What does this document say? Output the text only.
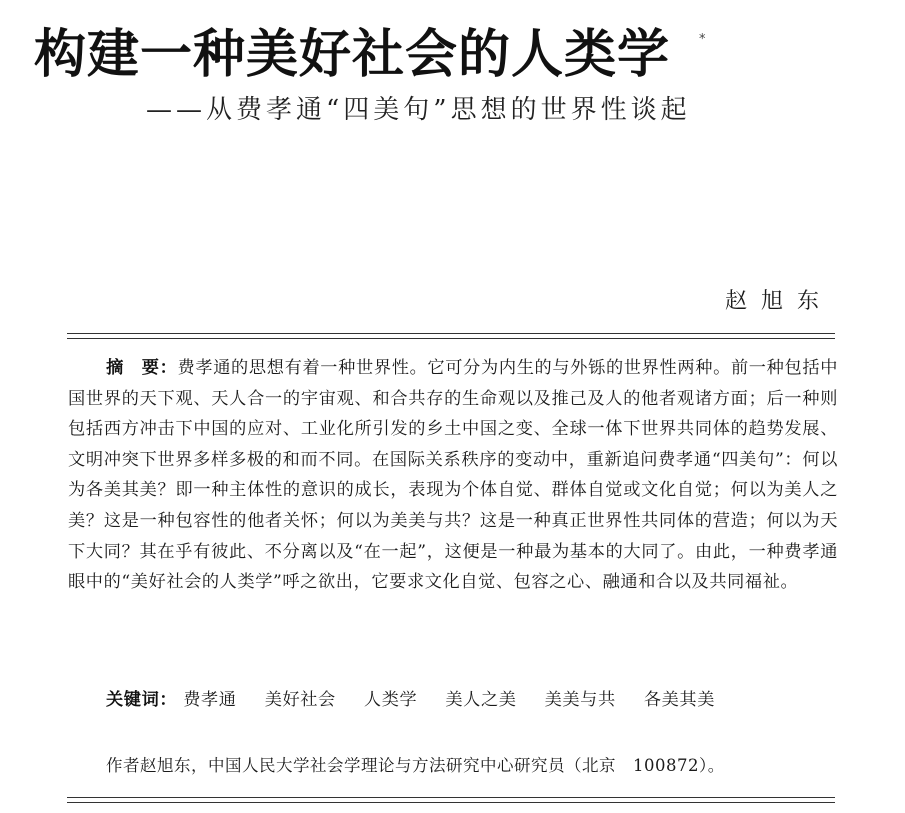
构建一种美好社会的人类学 *
——从费孝通“四美句”思想的世界性谈起
赵旭东
摘　要：费孝通的思想有着一种世界性。它可分为内生的与外铄的世界性两种。前一种包括中国世界的天下观、天人合一的宇宙观、和合共存的生命观以及推己及人的他者观诸方面；后一种则包括西方冲击下中国的应对、工业化所引发的乡土中国之变、全球一体下世界共同体的趋势发展、文明冲突下世界多样多极的和而不同。在国际关系秩序的变动中，重新追问费孝通“四美句”：何以为各美其美？即一种主体性的意识的成长，表现为个体自觉、群体自觉或文化自觉；何以为美人之美？这是一种包容性的他者关怀；何以为美美与共？这是一种真正世界性共同体的营造；何以为天下大同？其在乎有彼此、不分离以及“在一起”，这便是一种最为基本的大同了。由此，一种费孝通眼中的“美好社会的人类学”呼之欲出，它要求文化自觉、包容之心、融通和合以及共同福祉。
关键词： 费孝通 美好社会 人类学 美人之美 美美与共 各美其美
作者赵旭东，中国人民大学社会学理论与方法研究中心研究员（北京　100872）。
